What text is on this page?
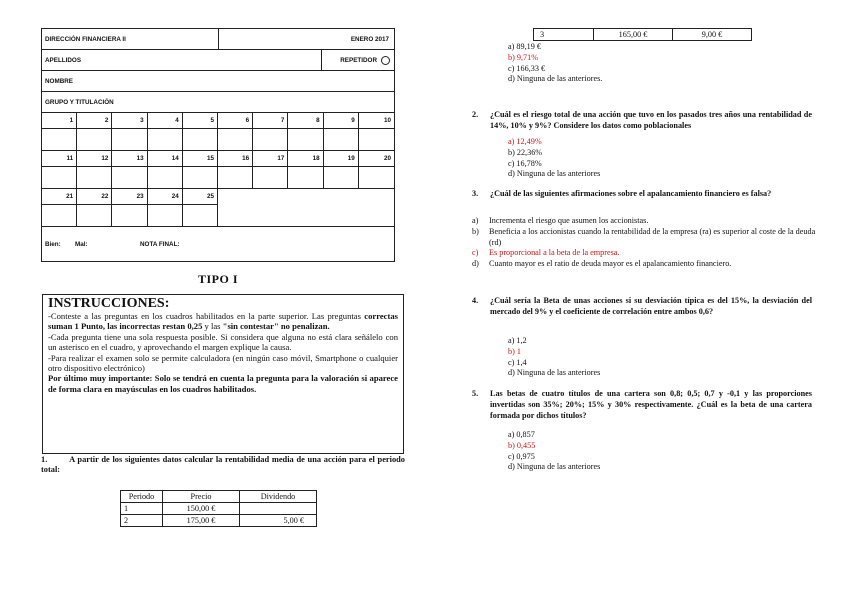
DIRECCIÓN FINANCIERA II	ENERO 2017
APELLIDOS	REPETIDOR
NOMBRE
GRUPO Y TITULACIÓN
1	2	3	4	5	6	7	8	9	10
11	12	13	14	15	16	17	18	19	20
21	22	23	24	25
Bien:	Mal:	NOTA FINAL:
TIPO I
INSTRUCCIONES:

-Conteste a las preguntas en los cuadros habilitados en la parte superior. Las preguntas correctas suman 1 Punto, las incorrectas restan 0,25 y las "sin contestar" no penalizan.

-Cada pregunta tiene una sola respuesta posible. Si considera que alguna no está clara señálelo con un asterisco en el cuadro, y aprovechando el margen explique la causa.

-Para realizar el examen solo se permite calculadora (en ningún caso móvil, Smartphone o cualquier otro dispositivo electrónico)

Por último muy importante: Solo se tendrá en cuenta la pregunta para la valoración si aparece de forma clara en mayúsculas en los cuadros habilitados.

1.	A partir de los siguientes datos calcular la rentabilidad media de una acción para el periodo total:
Periodo	Precio	Dividendo
1	150,00 €	
2	175,00 €	5,00 €
3	165,00 €	9,00 €
a) 89,19 €
b) 9,71%
c) 166,33 €
d) Ninguna de las anteriores.
2. ¿Cuál es el riesgo total de una acción que tuvo en los pasados tres años una rentabilidad de 14%, 10% y 9%? Considere los datos como poblacionales
a) 12,49%
b) 22,36%
c) 16,78%
d) Ninguna de las anteriores
3. ¿Cuál de las siguientes afirmaciones sobre el apalancamiento financiero es falsa?
a)	Incrementa el riesgo que asumen los accionistas.
b)	Beneficia a los accionistas cuando la rentabilidad de la empresa (ra) es superior al coste de la deuda (rd)
c)	Es proporcional a la beta de la empresa.
d)	Cuanto mayor es el ratio de deuda mayor es el apalancamiento financiero.
4. ¿Cuál sería la Beta de unas acciones si su desviación típica es del 15%, la desviación del mercado del 9% y el coeficiente de correlación entre ambos 0,6?
a) 1,2
b) 1
c) 1,4
d) Ninguna de las anteriores
5. Las betas de cuatro títulos de una cartera son 0,8; 0,5; 0,7 y -0,1 y las proporciones invertidas son 35%; 20%; 15% y 30% respectivamente. ¿Cuál es la beta de una cartera formada por dichos títulos?
a) 0,857
b) 0,455
c) 0,975
d) Ninguna de las anteriores
